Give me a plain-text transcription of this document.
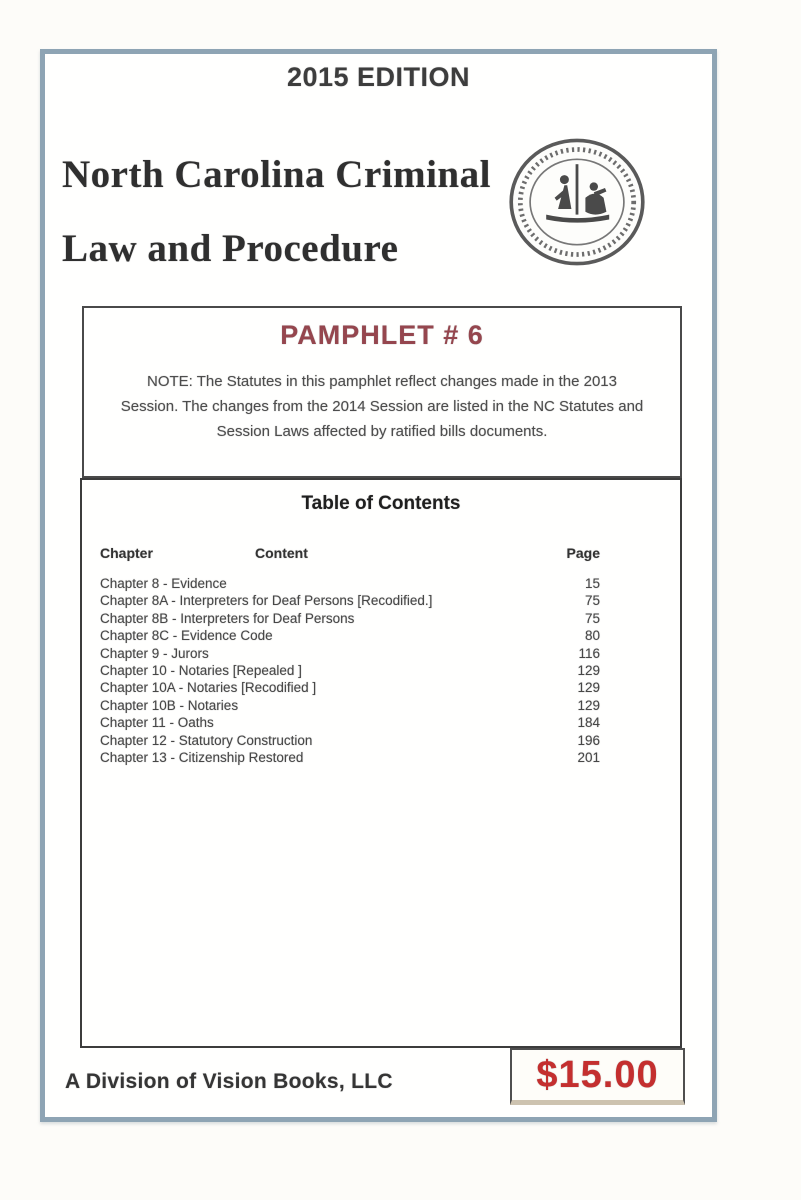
2015 EDITION
North Carolina Criminal
Law and Procedure
PAMPHLET # 6
NOTE: The Statutes in this pamphlet reflect changes made in the 2013
Session. The changes from the 2014 Session are listed in the NC Statutes and
Session Laws affected by ratified bills documents.
Table of Contents
Chapter	Content	Page
Chapter 8 - Evidence	15
Chapter 8A - Interpreters for Deaf Persons [Recodified.]	75
Chapter 8B - Interpreters for Deaf Persons	75
Chapter 8C - Evidence Code	80
Chapter 9 - Jurors	116
Chapter 10 - Notaries [Repealed ]	129
Chapter 10A - Notaries [Recodified ]	129
Chapter 10B - Notaries	129
Chapter 11 - Oaths	184
Chapter 12 - Statutory Construction	196
Chapter 13 - Citizenship Restored	201
$15.00
A Division of Vision Books, LLC
